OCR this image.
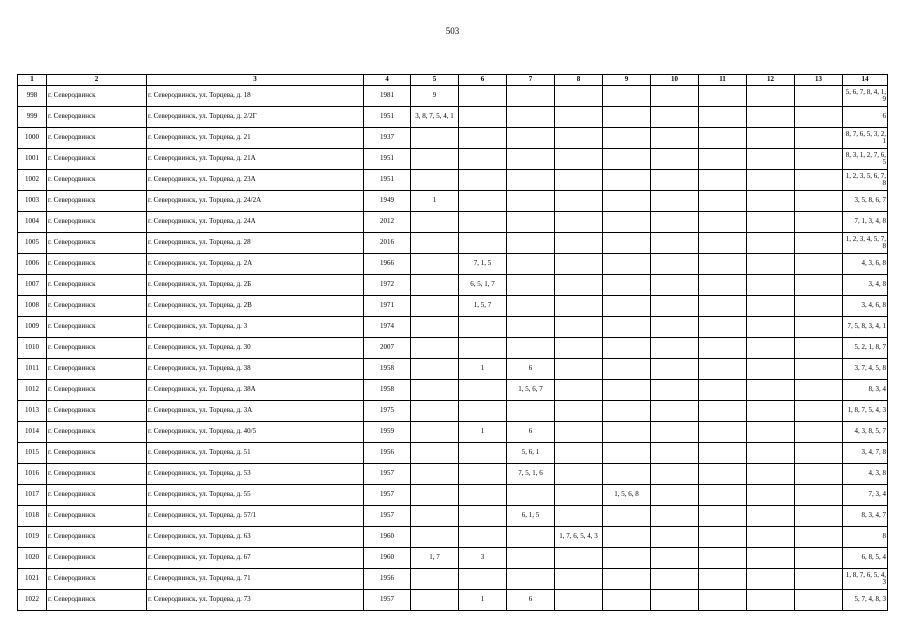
503
1	2	3	4	5	6	7	8	9	10	11	12	13	14
998	г. Северодвинск	г. Северодвинск, ул. Торцева, д. 18	1981	9									5, 6, 7, 8, 4, 1, 9
999	г. Северодвинск	г. Северодвинск, ул. Торцева, д. 2/2Г	1951	3, 8, 7, 5, 4, 1									6
1000	г. Северодвинск	г. Северодвинск, ул. Торцева, д. 21	1937										8, 7, 6, 5, 3, 2, 1
1001	г. Северодвинск	г. Северодвинск, ул. Торцева, д. 21А	1951										8, 3, 1, 2, 7, 6, 5
1002	г. Северодвинск	г. Северодвинск, ул. Торцева, д. 23А	1951										1, 2, 3, 5, 6, 7, 8
1003	г. Северодвинск	г. Северодвинск, ул. Торцева, д. 24/2А	1949	1									3, 5, 8, 6, 7
1004	г. Северодвинск	г. Северодвинск, ул. Торцева, д. 24А	2012										7, 1, 3, 4, 8
1005	г. Северодвинск	г. Северодвинск, ул. Торцева, д. 28	2016										1, 2, 3, 4, 5, 7, 8
1006	г. Северодвинск	г. Северодвинск, ул. Торцева, д. 2А	1966		7, 1, 5								4, 3, 6, 8
1007	г. Северодвинск	г. Северодвинск, ул. Торцева, д. 2Б	1972		6, 5, 1, 7								3, 4, 8
1008	г. Северодвинск	г. Северодвинск, ул. Торцева, д. 2В	1971		1, 5, 7								3, 4, 6, 8
1009	г. Северодвинск	г. Северодвинск, ул. Торцева, д. 3	1974										7, 5, 8, 3, 4, 1
1010	г. Северодвинск	г. Северодвинск, ул. Торцева, д. 30	2007										5, 2, 1, 8, 7
1011	г. Северодвинск	г. Северодвинск, ул. Торцева, д. 38	1958		1	6							3, 7, 4, 5, 8
1012	г. Северодвинск	г. Северодвинск, ул. Торцева, д. 38А	1958			1, 5, 6, 7							8, 3, 4
1013	г. Северодвинск	г. Северодвинск, ул. Торцева, д. 3А	1975										1, 8, 7, 5, 4, 3
1014	г. Северодвинск	г. Северодвинск, ул. Торцева, д. 40/5	1959		1	6							4, 3, 8, 5, 7
1015	г. Северодвинск	г. Северодвинск, ул. Торцева, д. 51	1956			5, 6, 1							3, 4, 7, 8
1016	г. Северодвинск	г. Северодвинск, ул. Торцева, д. 53	1957			7, 5, 1, 6							4, 3, 8
1017	г. Северодвинск	г. Северодвинск, ул. Торцева, д. 55	1957					1, 5, 6, 8					7, 3, 4
1018	г. Северодвинск	г. Северодвинск, ул. Торцева, д. 57/1	1957			6, 1, 5							8, 3, 4, 7
1019	г. Северодвинск	г. Северодвинск, ул. Торцева, д. 63	1960				1, 7, 6, 5, 4, 3						8
1020	г. Северодвинск	г. Северодвинск, ул. Торцева, д. 67	1960	1, 7	3								6, 8, 5, 4
1021	г. Северодвинск	г. Северодвинск, ул. Торцева, д. 71	1956										1, 8, 7, 6, 5, 4, 3
1022	г. Северодвинск	г. Северодвинск, ул. Торцева, д. 73	1957		1	6							5, 7, 4, 8, 3
